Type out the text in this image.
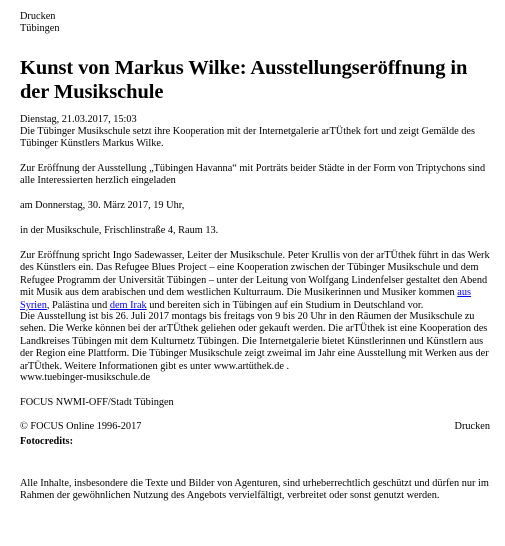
Drucken
Tübingen
Kunst von Markus Wilke: Ausstellungseröffnung in der Musikschule
Dienstag, 21.03.2017, 15:03

Die Tübinger Musikschule setzt ihre Kooperation mit der Internetgalerie arTÜthek fort und zeigt Gemälde des Tübinger Künstlers Markus Wilke.

Zur Eröffnung der Ausstellung „Tübingen Havanna“ mit Porträts beider Städte in der Form von Triptychons sind alle Interessierten herzlich eingeladen

am Donnerstag, 30. März 2017, 19 Uhr,

in der Musikschule, Frischlinstraße 4, Raum 13.

Zur Eröffnung spricht Ingo Sadewasser, Leiter der Musikschule. Peter Krullis von der arTÜthek führt in das Werk des Künstlers ein. Das Refugee Blues Project – eine Kooperation zwischen der Tübinger Musikschule und dem Refugee Programm der Universität Tübingen – unter der Leitung von Wolfgang Lindenfelser gestaltet den Abend mit Musik aus dem arabischen und dem westlichen Kulturraum. Die Musikerinnen und Musiker kommen aus Syrien, Palästina und dem Irak und bereiten sich in Tübingen auf ein Studium in Deutschland vor.

Die Ausstellung ist bis 26. Juli 2017 montags bis freitags von 9 bis 20 Uhr in den Räumen der Musikschule zu sehen. Die Werke können bei der arTÜthek geliehen oder gekauft werden. Die arTÜthek ist eine Kooperation des Landkreises Tübingen mit dem Kulturnetz Tübingen. Die Internetgalerie bietet Künstlerinnen und Künstlern aus der Region eine Plattform. Die Tübinger Musikschule zeigt zweimal im Jahr eine Ausstellung mit Werken aus der arTÜthek. Weitere Informationen gibt es unter www.artüthek.de .

www.tuebinger-musikschule.de

FOCUS NWMI-OFF/Stadt Tübingen

© FOCUS Online 1996-2017	Drucken
Fotocredits:

Alle Inhalte, insbesondere die Texte und Bilder von Agenturen, sind urheberrechtlich geschützt und dürfen nur im Rahmen der gewöhnlichen Nutzung des Angebots vervielfältigt, verbreitet oder sonst genutzt werden.
